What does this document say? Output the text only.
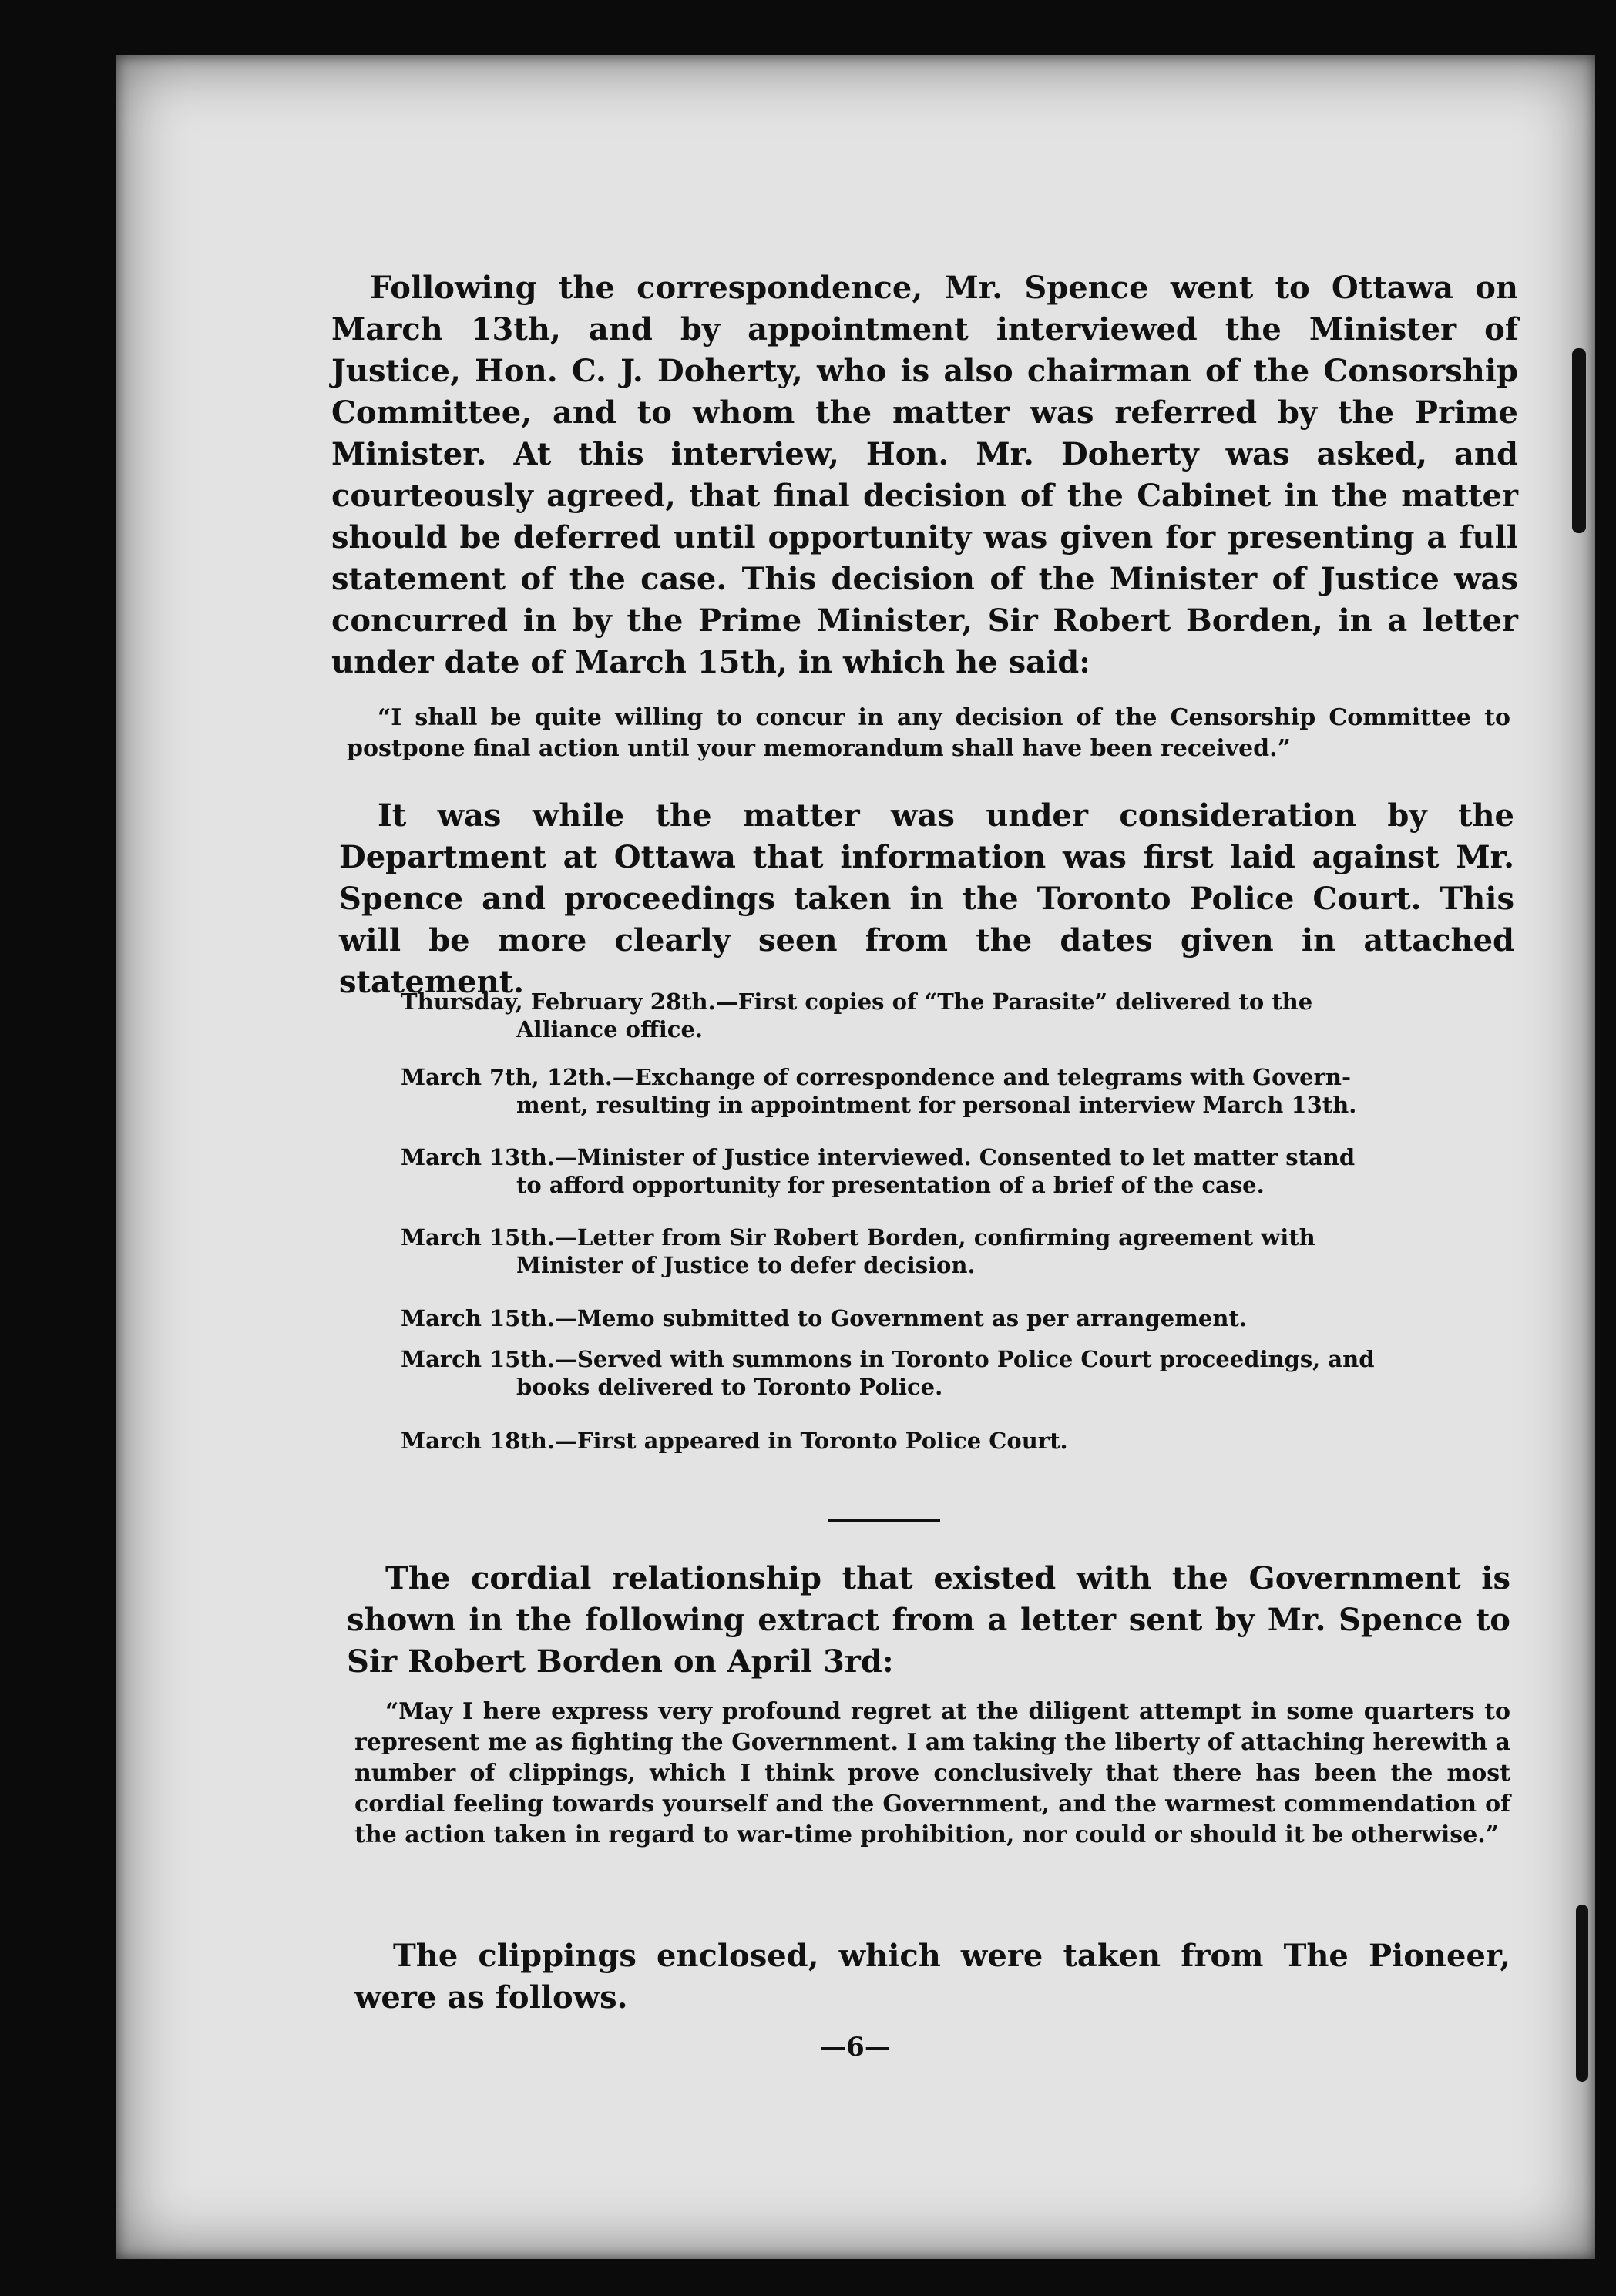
Following the correspondence, Mr. Spence went to Ottawa on March 13th, and by appointment interviewed the Minister of Justice, Hon. C. J. Doherty, who is also chairman of the Consorship Committee, and to whom the matter was referred by the Prime Minister. At this interview, Hon. Mr. Doherty was asked, and courteously agreed, that final decision of the Cabinet in the matter should be deferred until opportunity was given for presenting a full statement of the case. This decision of the Minister of Justice was concurred in by the Prime Minister, Sir Robert Borden, in a letter under date of March 15th, in which he said:
“I shall be quite willing to concur in any decision of the Censorship Committee to postpone final action until your memorandum shall have been received.”
It was while the matter was under consideration by the Department at Ottawa that information was first laid against Mr. Spence and proceedings taken in the Toronto Police Court. This will be more clearly seen from the dates given in attached statement.
Thursday, February 28th.—First copies of “The Parasite” delivered to the
Alliance office.
March 7th, 12th.—Exchange of correspondence and telegrams with Govern-
ment, resulting in appointment for personal interview March 13th.
March 13th.—Minister of Justice interviewed. Consented to let matter stand
to afford opportunity for presentation of a brief of the case.
March 15th.—Letter from Sir Robert Borden, confirming agreement with
Minister of Justice to defer decision.
March 15th.—Memo submitted to Government as per arrangement.
March 15th.—Served with summons in Toronto Police Court proceedings, and
books delivered to Toronto Police.
March 18th.—First appeared in Toronto Police Court.
The cordial relationship that existed with the Government is shown in the following extract from a letter sent by Mr. Spence to Sir Robert Borden on April 3rd:
“May I here express very profound regret at the diligent attempt in some quarters to represent me as fighting the Government. I am taking the liberty of attaching herewith a number of clippings, which I think prove conclusively that there has been the most cordial feeling towards yourself and the Government, and the warmest commendation of the action taken in regard to war-time prohibition, nor could or should it be otherwise.”
The clippings enclosed, which were taken from The Pioneer, were as follows.
—6—
